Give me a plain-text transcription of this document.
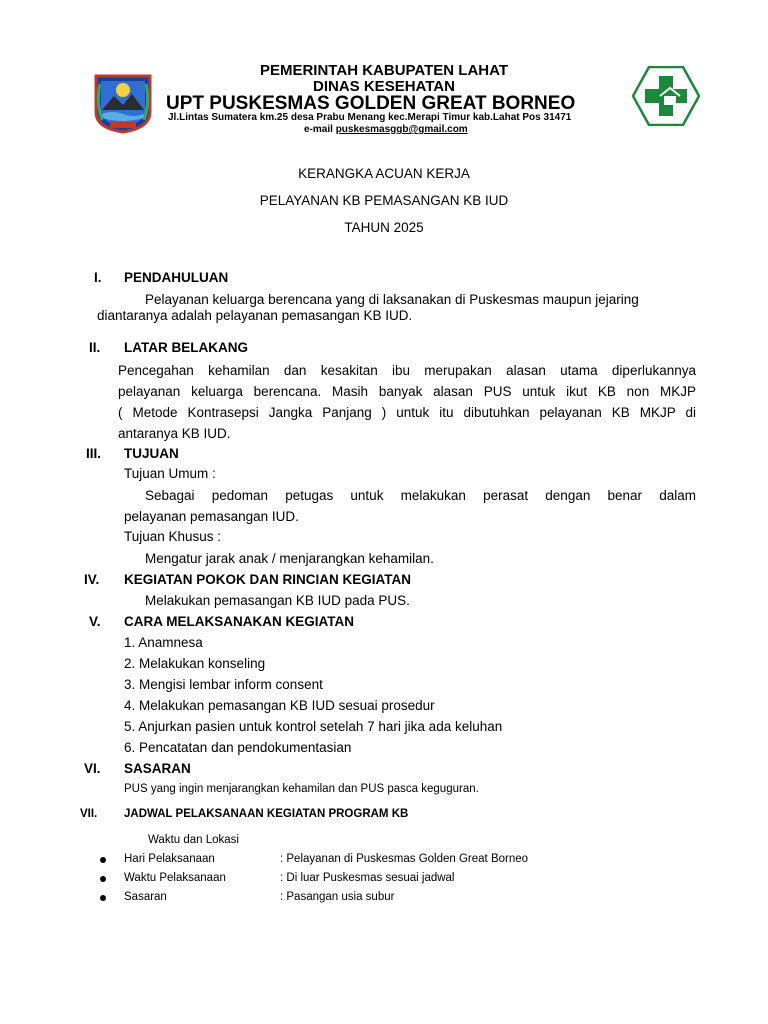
PEMERINTAH KABUPATEN LAHAT
DINAS KESEHATAN
UPT PUSKESMAS GOLDEN GREAT BORNEO
Jl.Lintas Sumatera km.25 desa Prabu Menang kec.Merapi Timur kab.Lahat Pos 31471
e-mail puskesmasggb@gmail.com
KERANGKA ACUAN KERJA
PELAYANAN KB PEMASANGAN KB IUD
TAHUN 2025
I. PENDAHULUAN
Pelayanan keluarga berencana yang di laksanakan di Puskesmas maupun jejaring
diantaranya adalah pelayanan pemasangan KB IUD.
II. LATAR BELAKANG
Pencegahan kehamilan dan kesakitan ibu merupakan alasan utama diperlukannya
pelayanan keluarga berencana. Masih banyak alasan PUS untuk ikut KB non MKJP
( Metode Kontrasepsi Jangka Panjang ) untuk itu dibutuhkan pelayanan KB MKJP di
antaranya KB IUD.
III. TUJUAN
Tujuan Umum :
Sebagai pedoman petugas untuk melakukan perasat dengan benar dalam
pelayanan pemasangan IUD.
Tujuan Khusus :
Mengatur jarak anak / menjarangkan kehamilan.
IV. KEGIATAN POKOK DAN RINCIAN KEGIATAN
Melakukan pemasangan KB IUD pada PUS.
V. CARA MELAKSANAKAN KEGIATAN
1. Anamnesa
2. Melakukan konseling
3. Mengisi lembar inform consent
4. Melakukan pemasangan KB IUD sesuai prosedur
5. Anjurkan pasien untuk kontrol setelah 7 hari jika ada keluhan
6. Pencatatan dan pendokumentasian
VI. SASARAN
PUS yang ingin menjarangkan kehamilan dan PUS pasca keguguran.
VII. JADWAL PELAKSANAAN KEGIATAN PROGRAM KB
Waktu dan Lokasi
Hari Pelaksanaan	: Pelayanan di Puskesmas Golden Great Borneo
Waktu Pelaksanaan	: Di luar Puskesmas sesuai jadwal
Sasaran	: Pasangan usia subur
